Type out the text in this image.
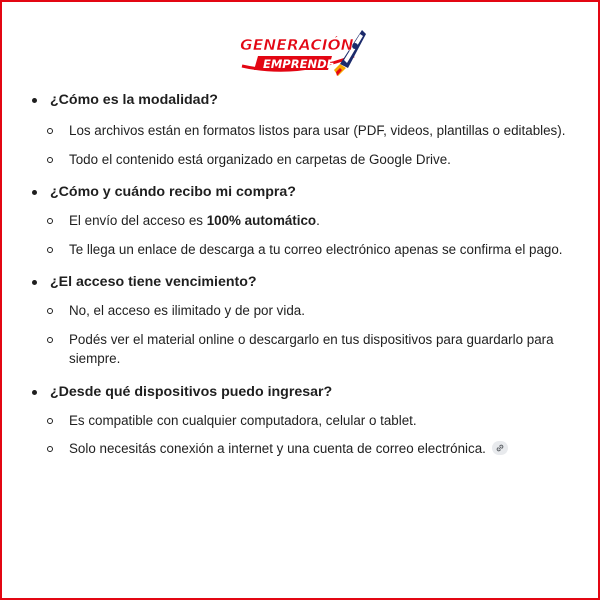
GENERACIÓN
EMPRENDE

¿Cómo es la modalidad?

Los archivos están en formatos listos para usar (PDF, videos, plantillas o editables).

Todo el contenido está organizado en carpetas de Google Drive.

¿Cómo y cuándo recibo mi compra?

El envío del acceso es 100% automático.

Te llega un enlace de descarga a tu correo electrónico apenas se confirma el pago.

¿El acceso tiene vencimiento?

No, el acceso es ilimitado y de por vida.

Podés ver el material online o descargarlo en tus dispositivos para guardarlo para siempre.

¿Desde qué dispositivos puedo ingresar?

Es compatible con cualquier computadora, celular o tablet.

Solo necesitás conexión a internet y una cuenta de correo electrónica.
